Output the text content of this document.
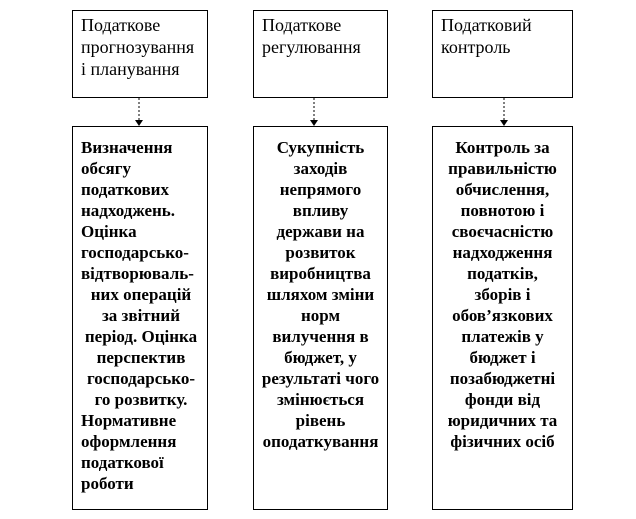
Податкове
прогнозування
і планування
Податкове
регулювання
Податковий
контроль
Визначення
обсягу
податкових
надходжень.
Оцінка
господарсько-
відтворюваль-
них операцій
за звітний
період. Оцінка
перспектив
господарсько-
го розвитку.
Нормативне
оформлення
податкової
роботи
Сукупність
заходів
непрямого
впливу
держави на
розвиток
виробництва
шляхом зміни
норм
вилучення в
бюджет, у
результаті чого
змінюється
рівень
оподаткування
Контроль за
правильністю
обчислення,
повнотою і
своєчасністю
надходження
податків,
зборів і
обов’язкових
платежів у
бюджет і
позабюджетні
фонди від
юридичних та
фізичних осіб
